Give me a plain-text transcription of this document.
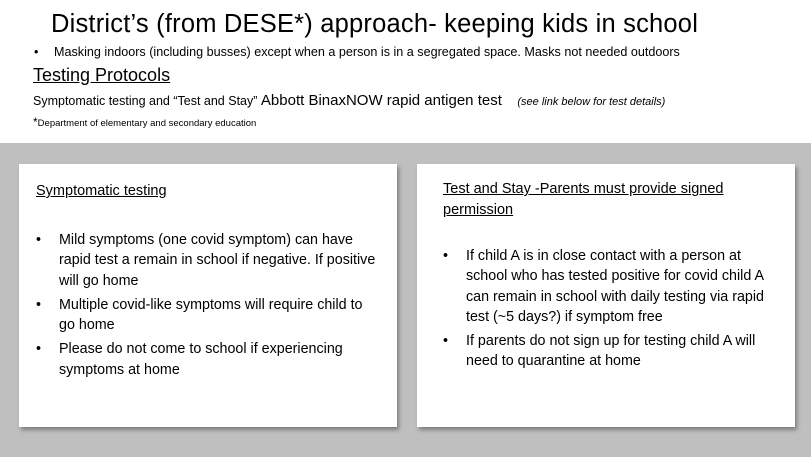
District’s (from DESE*) approach- keeping kids in school
• Masking indoors (including busses) except when a person is in a segregated space. Masks not needed outdoors
Testing Protocols
Symptomatic testing and “Test and Stay” Abbott BinaxNOW rapid antigen test (see link below for test details)
*Department of elementary and secondary education
Symptomatic testing
• Mild symptoms (one covid symptom) can have rapid test a remain in school if negative. If positive will go home
• Multiple covid-like symptoms will require child to go home
• Please do not come to school if experiencing symptoms at home
Test and Stay -Parents must provide signed permission
• If child A is in close contact with a person at school who has tested positive for covid child A can remain in school with daily testing via rapid test (~5 days?) if symptom free
• If parents do not sign up for testing child A will need to quarantine at home
